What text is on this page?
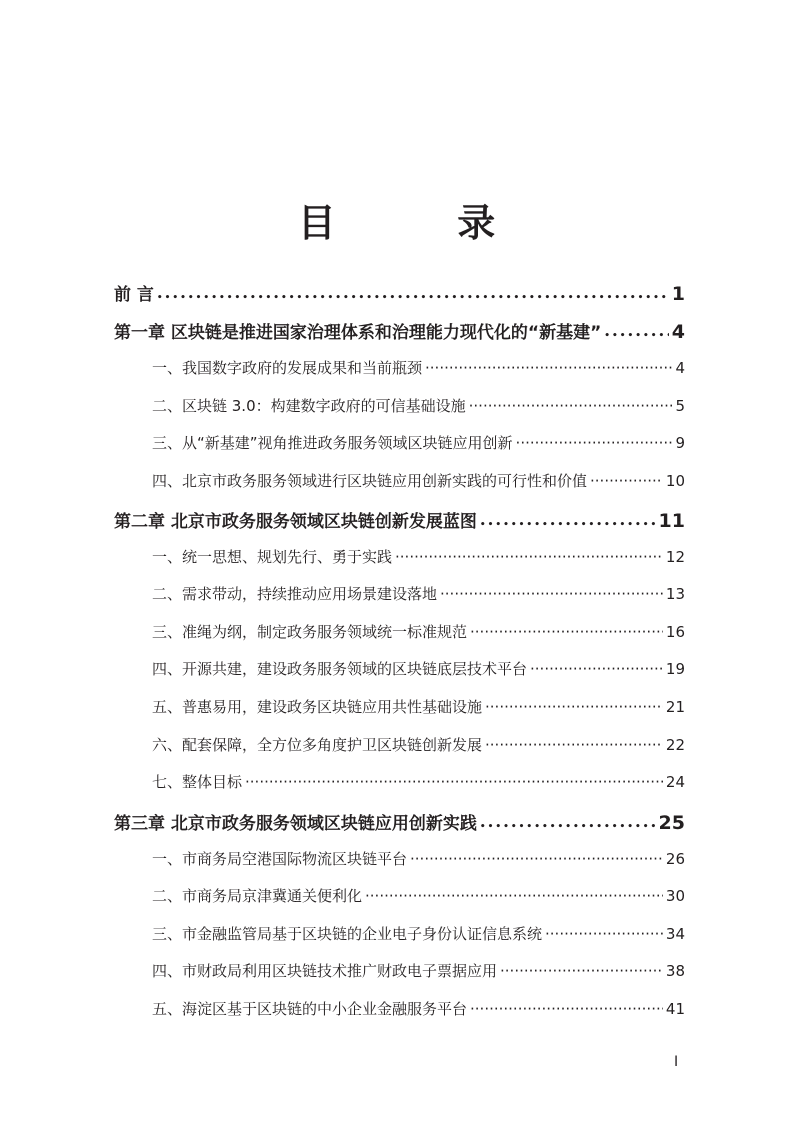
目　录
前 言 •••••	1
第一章 区块链是推进国家治理体系和治理能力现代化的“新基建” •••••	4
一、我国数字政府的发展成果和当前瓶颈 ·····	4
二、区块链 3.0：构建数字政府的可信基础设施 ·····	5
三、从“新基建”视角推进政务服务领域区块链应用创新 ·····	9
四、北京市政务服务领域进行区块链应用创新实践的可行性和价值 ·····	10
第二章 北京市政务服务领域区块链创新发展蓝图 •••••	11
一、统一思想、规划先行、勇于实践 ·····	12
二、需求带动，持续推动应用场景建设落地 ·····	13
三、准绳为纲，制定政务服务领域统一标准规范 ·····	16
四、开源共建，建设政务服务领域的区块链底层技术平台 ·····	19
五、普惠易用，建设政务区块链应用共性基础设施 ·····	21
六、配套保障，全方位多角度护卫区块链创新发展 ·····	22
七、整体目标 ·····	24
第三章 北京市政务服务领域区块链应用创新实践 •••••	25
一、市商务局空港国际物流区块链平台 ·····	26
二、市商务局京津冀通关便利化 ·····	30
三、市金融监管局基于区块链的企业电子身份认证信息系统 ·····	34
四、市财政局利用区块链技术推广财政电子票据应用 ·····	38
五、海淀区基于区块链的中小企业金融服务平台 ·····	41
I
